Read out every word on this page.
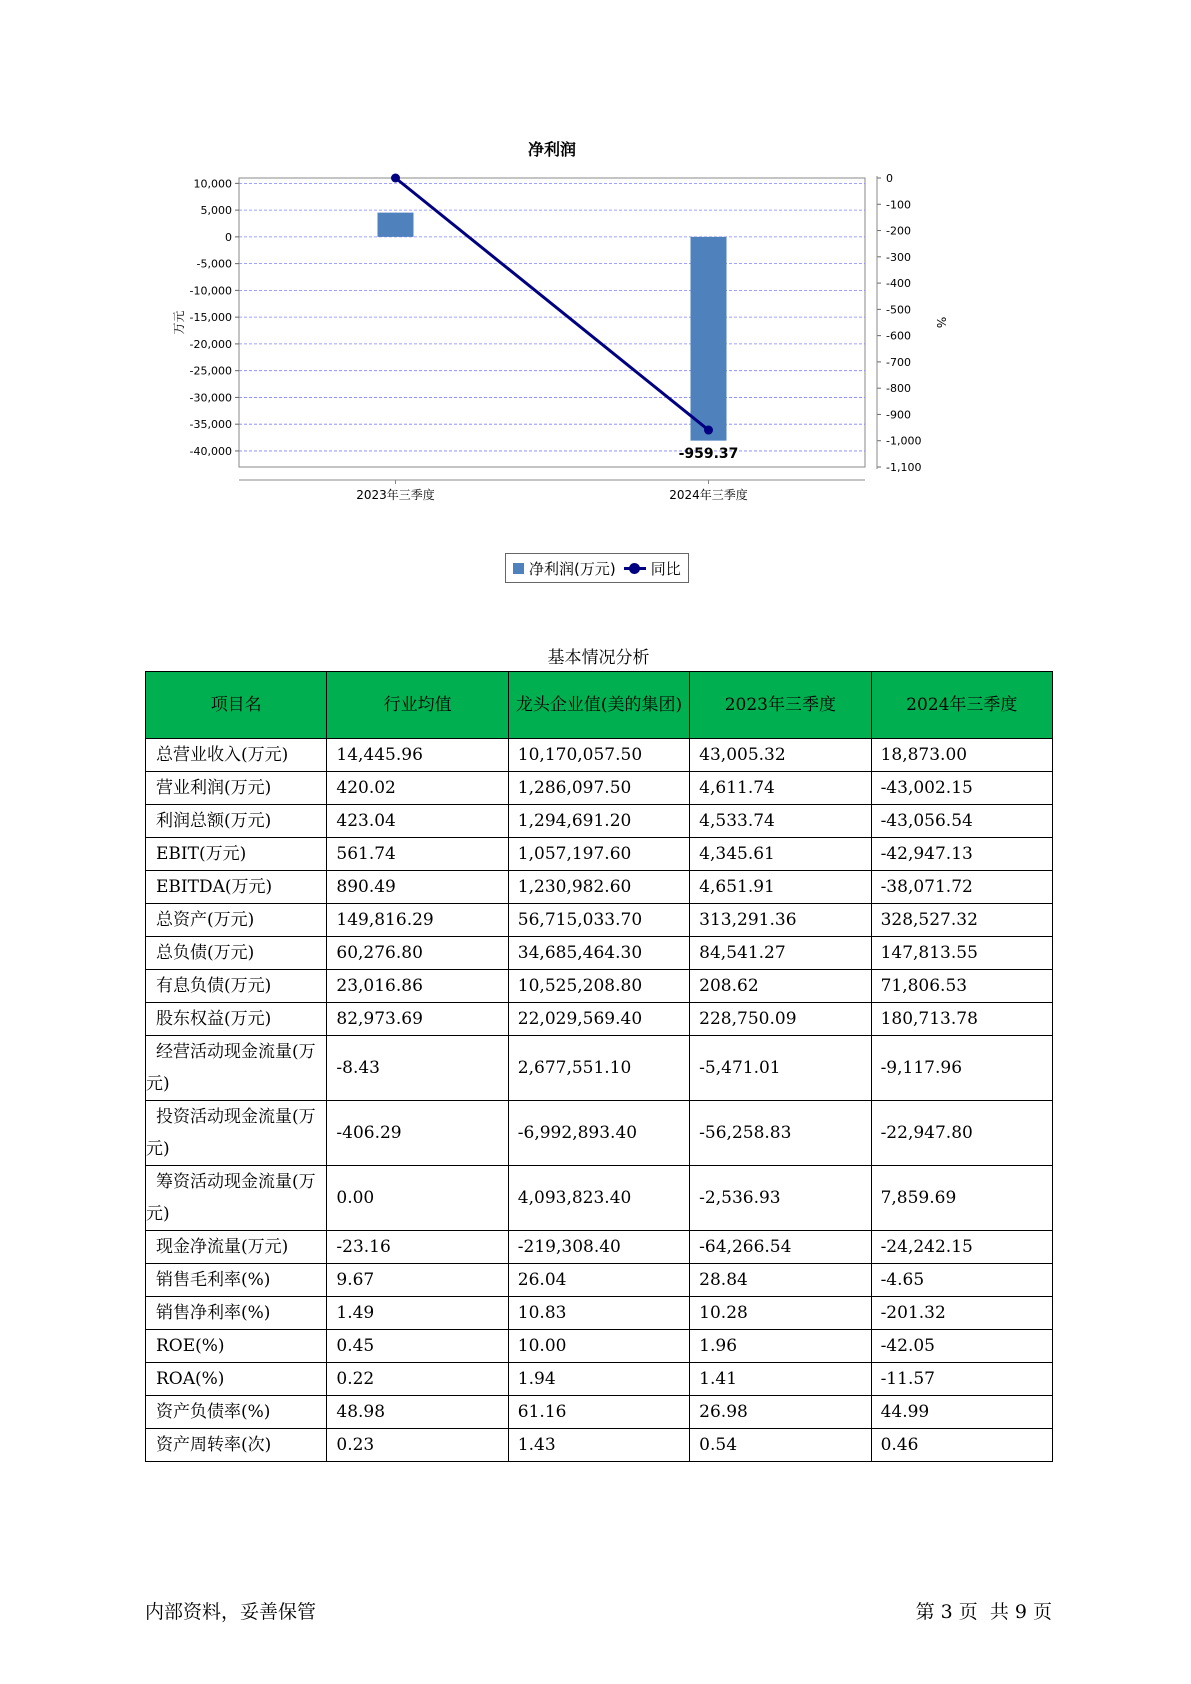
净利润
10,000
5,000
0
-5,000
-10,000
-15,000
-20,000
-25,000
-30,000
-35,000
-40,000
0
-100
-200
-300
-400
-500
-600
-700
-800
-900
-1,000
-1,100
万元	%
-959.37
2023年三季度	2024年三季度
净利润(万元) 同比
基本情况分析
项目名	行业均值	龙头企业值(美的集团)	2023年三季度	2024年三季度
总营业收入(万元)	14,445.96	10,170,057.50	43,005.32	18,873.00
营业利润(万元)	420.02	1,286,097.50	4,611.74	-43,002.15
利润总额(万元)	423.04	1,294,691.20	4,533.74	-43,056.54
EBIT(万元)	561.74	1,057,197.60	4,345.61	-42,947.13
EBITDA(万元)	890.49	1,230,982.60	4,651.91	-38,071.72
总资产(万元)	149,816.29	56,715,033.70	313,291.36	328,527.32
总负债(万元)	60,276.80	34,685,464.30	84,541.27	147,813.55
有息负债(万元)	23,016.86	10,525,208.80	208.62	71,806.53
股东权益(万元)	82,973.69	22,029,569.40	228,750.09	180,713.78
经营活动现金流量(万元)	-8.43	2,677,551.10	-5,471.01	-9,117.96
投资活动现金流量(万元)	-406.29	-6,992,893.40	-56,258.83	-22,947.80
筹资活动现金流量(万元)	0.00	4,093,823.40	-2,536.93	7,859.69
现金净流量(万元)	-23.16	-219,308.40	-64,266.54	-24,242.15
销售毛利率(%)	9.67	26.04	28.84	-4.65
销售净利率(%)	1.49	10.83	10.28	-201.32
ROE(%)	0.45	10.00	1.96	-42.05
ROA(%)	0.22	1.94	1.41	-11.57
资产负债率(%)	48.98	61.16	26.98	44.99
资产周转率(次)	0.23	1.43	0.54	0.46
内部资料，妥善保管	第 3 页  共 9 页
